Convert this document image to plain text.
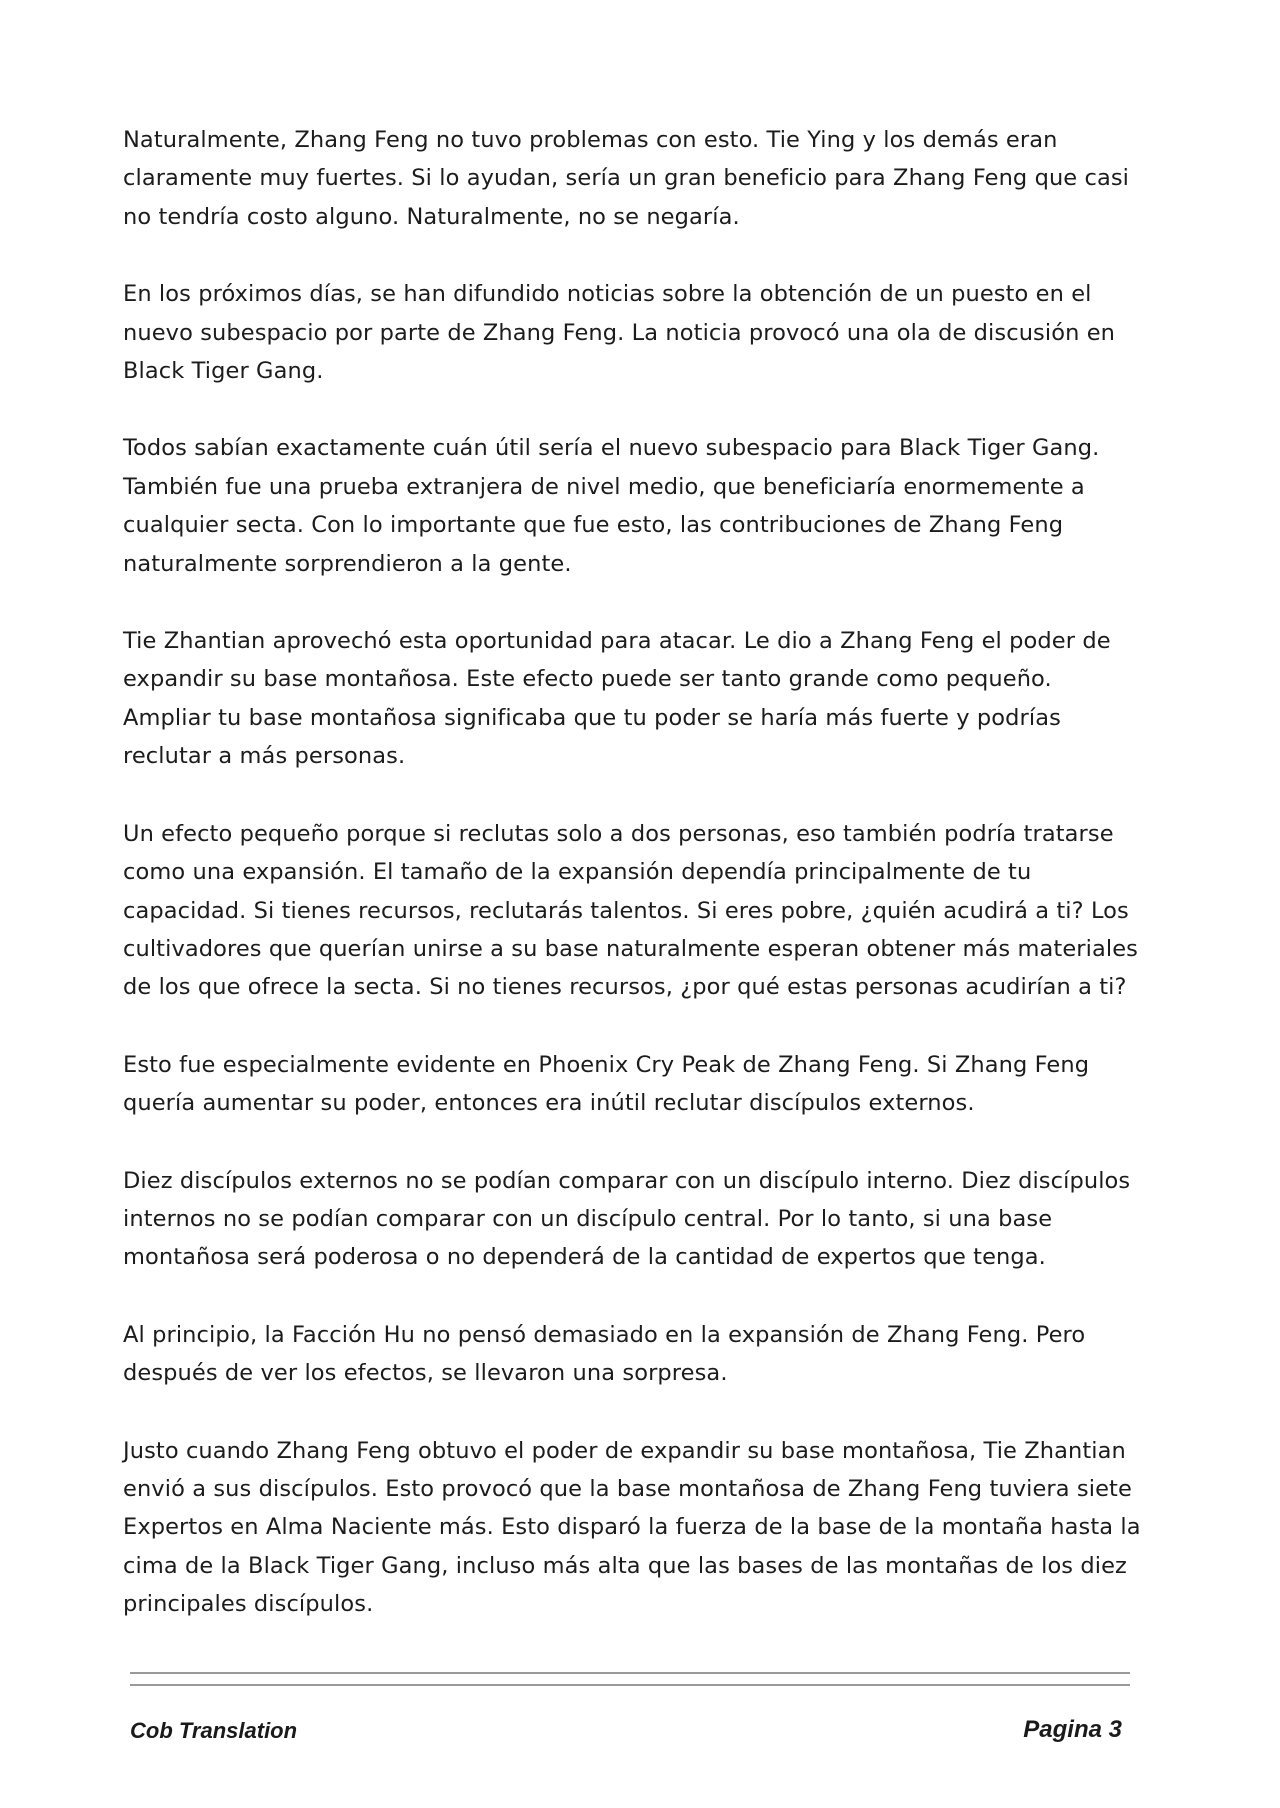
Naturalmente, Zhang Feng no tuvo problemas con esto. Tie Ying y los demás eran claramente muy fuertes. Si lo ayudan, sería un gran beneficio para Zhang Feng que casi no tendría costo alguno. Naturalmente, no se negaría.

En los próximos días, se han difundido noticias sobre la obtención de un puesto en el nuevo subespacio por parte de Zhang Feng. La noticia provocó una ola de discusión en Black Tiger Gang.

Todos sabían exactamente cuán útil sería el nuevo subespacio para Black Tiger Gang. También fue una prueba extranjera de nivel medio, que beneficiaría enormemente a cualquier secta. Con lo importante que fue esto, las contribuciones de Zhang Feng naturalmente sorprendieron a la gente.

Tie Zhantian aprovechó esta oportunidad para atacar. Le dio a Zhang Feng el poder de expandir su base montañosa. Este efecto puede ser tanto grande como pequeño. Ampliar tu base montañosa significaba que tu poder se haría más fuerte y podrías reclutar a más personas.

Un efecto pequeño porque si reclutas solo a dos personas, eso también podría tratarse como una expansión. El tamaño de la expansión dependía principalmente de tu capacidad. Si tienes recursos, reclutarás talentos. Si eres pobre, ¿quién acudirá a ti? Los cultivadores que querían unirse a su base naturalmente esperan obtener más materiales de los que ofrece la secta. Si no tienes recursos, ¿por qué estas personas acudirían a ti?

Esto fue especialmente evidente en Phoenix Cry Peak de Zhang Feng. Si Zhang Feng quería aumentar su poder, entonces era inútil reclutar discípulos externos.

Diez discípulos externos no se podían comparar con un discípulo interno. Diez discípulos internos no se podían comparar con un discípulo central. Por lo tanto, si una base montañosa será poderosa o no dependerá de la cantidad de expertos que tenga.

Al principio, la Facción Hu no pensó demasiado en la expansión de Zhang Feng. Pero después de ver los efectos, se llevaron una sorpresa.

Justo cuando Zhang Feng obtuvo el poder de expandir su base montañosa, Tie Zhantian envió a sus discípulos. Esto provocó que la base montañosa de Zhang Feng tuviera siete Expertos en Alma Naciente más. Esto disparó la fuerza de la base de la montaña hasta la cima de la Black Tiger Gang, incluso más alta que las bases de las montañas de los diez principales discípulos.

Cob Translation	Pagina 3
